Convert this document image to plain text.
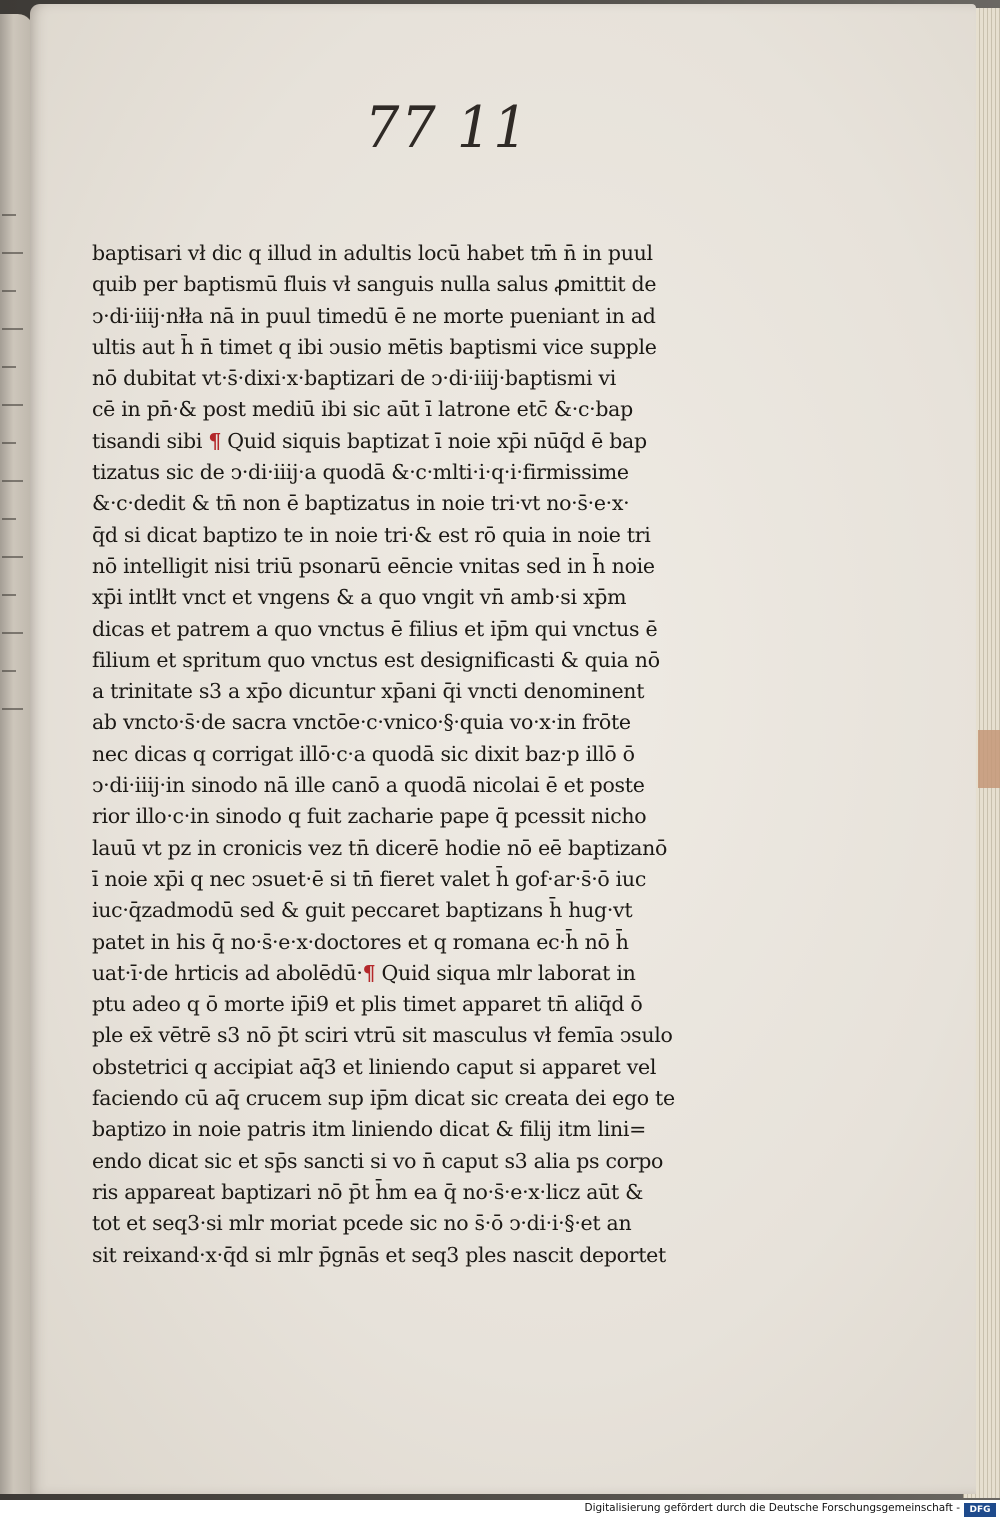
77 11
baptisari vł dic q illud in adultis locū habet tm̄ n̄ in puul
quib per baptismū fluis vł sanguis nulla salus ꝓmittit de
ↄ·di·iiij·nłła nā in puul timedū ē ne morte pueniant in ad
ultis aut h̄ n̄ timet q ibi ↄusio mētis baptismi vice supple
nō dubitat vt·s̄·dixi·x·baptizari de ↄ·di·iiij·baptismi vi
cē in pn̄·& post mediū ibi sic aūt ī latrone etc̄ &·c·bap
tisandi sibi ¶ Quid siquis baptizat ī noie xp̄i nūq̄d ē bap
tizatus sic de ↄ·di·iiij·a quodā &·c·mlti·i·q·i·firmissime
&·c·dedit & tn̄ non ē baptizatus in noie tri·vt no·s̄·e·x·
q̄d si dicat baptizo te in noie tri·& est rō quia in noie tri
nō intelligit nisi triū psonarū eēncie vnitas sed in h̄ noie
xp̄i intlłt vnct et vngens & a quo vngit vn̄ amb·si xp̄m
dicas et patrem a quo vnctus ē filius et ip̄m qui vnctus ē
filium et spritum quo vnctus est designificasti & quia nō
a trinitate s3 a xp̄o dicuntur xp̄ani q̄i vncti denominent
ab vncto·s̄·de sacra vnctōe·c·vnico·§·quia vo·x·in frōte
nec dicas q corrigat illō·c·a quodā sic dixit baz·p illō ō
ↄ·di·iiij·in sinodo nā ille canō a quodā nicolai ē et poste
rior illo·c·in sinodo q fuit zacharie pape q̄ pcessit nicho
lauū vt pz in cronicis vez tn̄ dicerē hodie nō eē baptizanō
ī noie xp̄i q nec ↄsuet·ē si tn̄ fieret valet h̄ gof·ar·s̄·ō iuc
iuc·q̄zadmodū sed & guit peccaret baptizans h̄ hug·vt
patet in his q̄ no·s̄·e·x·doctores et q romana ec·h̄ nō h̄
uat·ī·de hrticis ad abolēdū·¶ Quid siqua mlr laborat in
ptu adeo q ō morte ip̄i9 et plis timet apparet tn̄ aliq̄d ō
ple ex̄ vētrē s3 nō p̄t sciri vtrū sit masculus vł femīa ↄsulo
obstetrici q accipiat aq̄3 et liniendo caput si apparet vel
faciendo cū aq̄ crucem sup ip̄m dicat sic creata dei ego te
baptizo in noie patris itm liniendo dicat & filij itm lini=
endo dicat sic et sp̄s sancti si vo n̄ caput s3 alia ps corpo
ris appareat baptizari nō p̄t h̄m ea q̄ no·s̄·e·x·licz aūt &
tot et seq3·si mlr moriat pcede sic no s̄·ō ↄ·di·i·§·et an
sit reixand·x·q̄d si mlr p̄gnās et seq3 ples nascit deportet
Digitalisierung gefördert durch die Deutsche Forschungsgemeinschaft -	DFG
